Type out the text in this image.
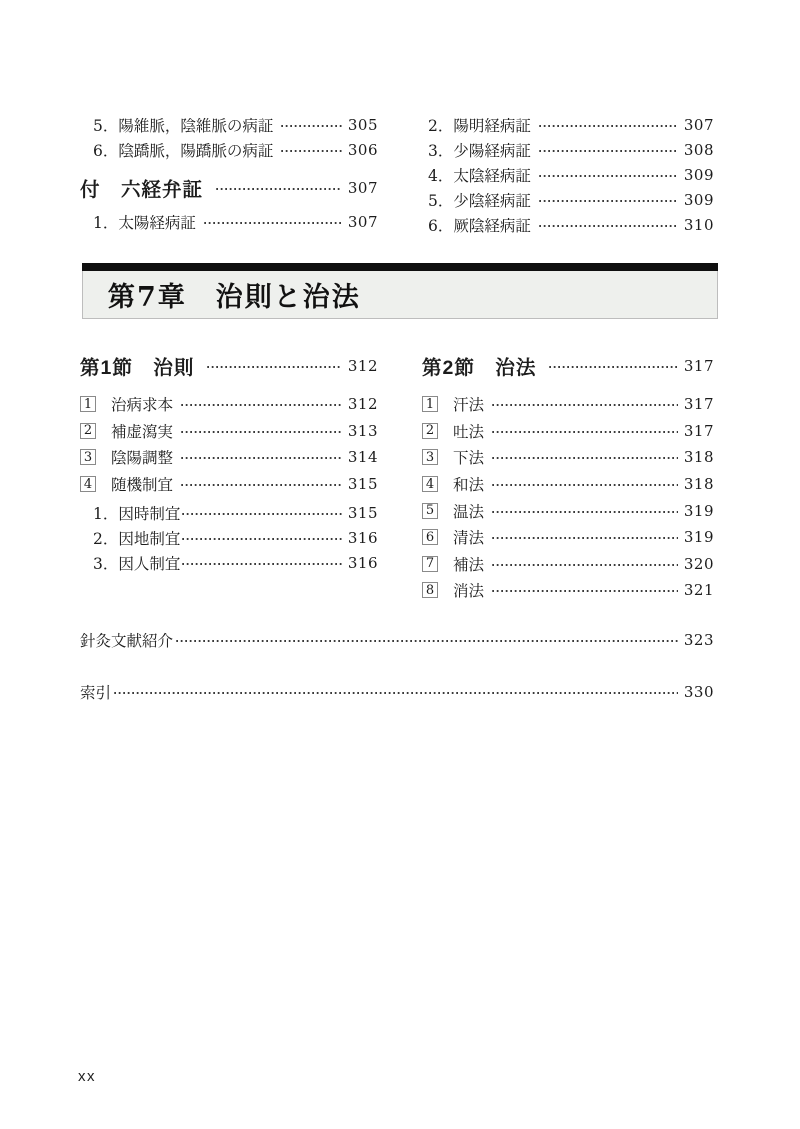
5．陽維脈，陰維脈の病証	305
6．陰蹻脈，陽蹻脈の病証	306
付　六経弁証	307
1．太陽経病証	307
2．陽明経病証	307
3．少陽経病証	308
4．太陰経病証	309
5．少陰経病証	309
6．厥陰経病証	310
第7章　治則と治法
第1節　治則	312
1 治病求本	312
2 補虚瀉実	313
3 陰陽調整	314
4 随機制宜	315
1．因時制宜	315
2．因地制宜	316
3．因人制宜	316
第2節　治法	317
1 汗法	317
2 吐法	317
3 下法	318
4 和法	318
5 温法	319
6 清法	319
7 補法	320
8 消法	321
針灸文献紹介	323
索引	330
xx
